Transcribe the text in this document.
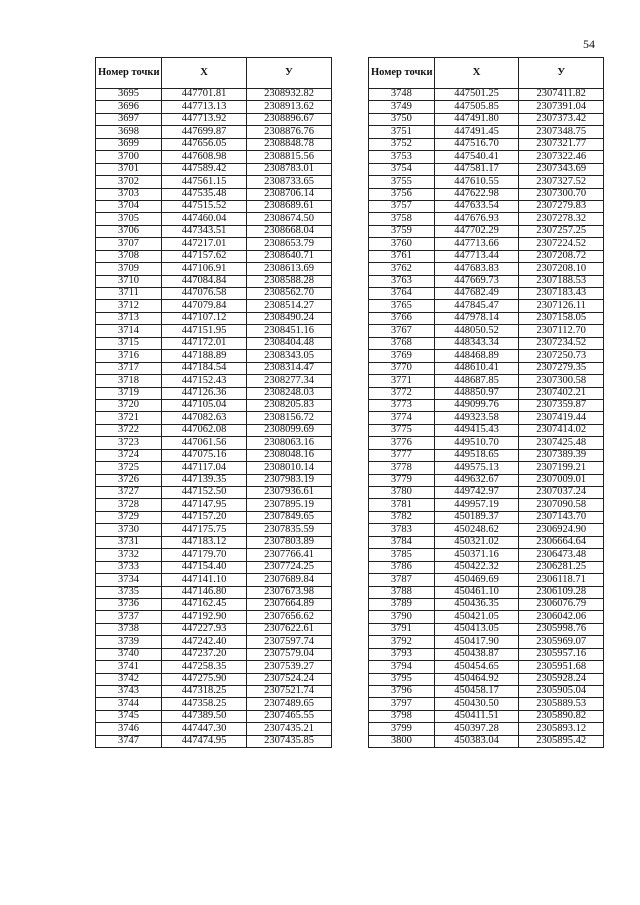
54
Номер точки	Х	У
3695	447701.81	2308932.82
3696	447713.13	2308913.62
3697	447713.92	2308896.67
3698	447699.87	2308876.76
3699	447656.05	2308848.78
3700	447608.98	2308815.56
3701	447589.42	2308783.01
3702	447561.15	2308733.65
3703	447535.48	2308706.14
3704	447515.52	2308689.61
3705	447460.04	2308674.50
3706	447343.51	2308668.04
3707	447217.01	2308653.79
3708	447157.62	2308640.71
3709	447106.91	2308613.69
3710	447084.84	2308588.28
3711	447076.58	2308562.70
3712	447079.84	2308514.27
3713	447107.12	2308490.24
3714	447151.95	2308451.16
3715	447172.01	2308404.48
3716	447188.89	2308343.05
3717	447184.54	2308314.47
3718	447152.43	2308277.34
3719	447126.36	2308248.03
3720	447105.04	2308205.83
3721	447082.63	2308156.72
3722	447062.08	2308099.69
3723	447061.56	2308063.16
3724	447075.16	2308048.16
3725	447117.04	2308010.14
3726	447139.35	2307983.19
3727	447152.50	2307936.61
3728	447147.95	2307895.19
3729	447157.20	2307849.65
3730	447175.75	2307835.59
3731	447183.12	2307803.89
3732	447179.70	2307766.41
3733	447154.40	2307724.25
3734	447141.10	2307689.84
3735	447146.80	2307673.98
3736	447162.45	2307664.89
3737	447192.90	2307656.62
3738	447227.93	2307622.61
3739	447242.40	2307597.74
3740	447237.20	2307579.04
3741	447258.35	2307539.27
3742	447275.90	2307524.24
3743	447318.25	2307521.74
3744	447358.25	2307489.65
3745	447389.50	2307465.55
3746	447447.30	2307435.21
3747	447474.95	2307435.85
Номер точки	Х	У
3748	447501.25	2307411.82
3749	447505.85	2307391.04
3750	447491.80	2307373.42
3751	447491.45	2307348.75
3752	447516.70	2307321.77
3753	447540.41	2307322.46
3754	447581.17	2307343.69
3755	447610.55	2307327.52
3756	447622.98	2307300.70
3757	447633.54	2307279.83
3758	447676.93	2307278.32
3759	447702.29	2307257.25
3760	447713.66	2307224.52
3761	447713.44	2307208.72
3762	447683.83	2307208.10
3763	447669.73	2307188.53
3764	447682.49	2307183.43
3765	447845.47	2307126.11
3766	447978.14	2307158.05
3767	448050.52	2307112.70
3768	448343.34	2307234.52
3769	448468.89	2307250.73
3770	448610.41	2307279.35
3771	448687.85	2307300.58
3772	448850.97	2307402.21
3773	449099.76	2307359.87
3774	449323.58	2307419.44
3775	449415.43	2307414.02
3776	449510.70	2307425.48
3777	449518.65	2307389.39
3778	449575.13	2307199.21
3779	449632.67	2307009.01
3780	449742.97	2307037.24
3781	449957.19	2307090.58
3782	450189.37	2307143.70
3783	450248.62	2306924.90
3784	450321.02	2306664.64
3785	450371.16	2306473.48
3786	450422.32	2306281.25
3787	450469.69	2306118.71
3788	450461.10	2306109.28
3789	450436.35	2306076.79
3790	450421.05	2306042.06
3791	450413.05	2305998.76
3792	450417.90	2305969.07
3793	450438.87	2305957.16
3794	450454.65	2305951.68
3795	450464.92	2305928.24
3796	450458.17	2305905.04
3797	450430.50	2305889.53
3798	450411.51	2305890.82
3799	450397.28	2305893.12
3800	450383.04	2305895.42
